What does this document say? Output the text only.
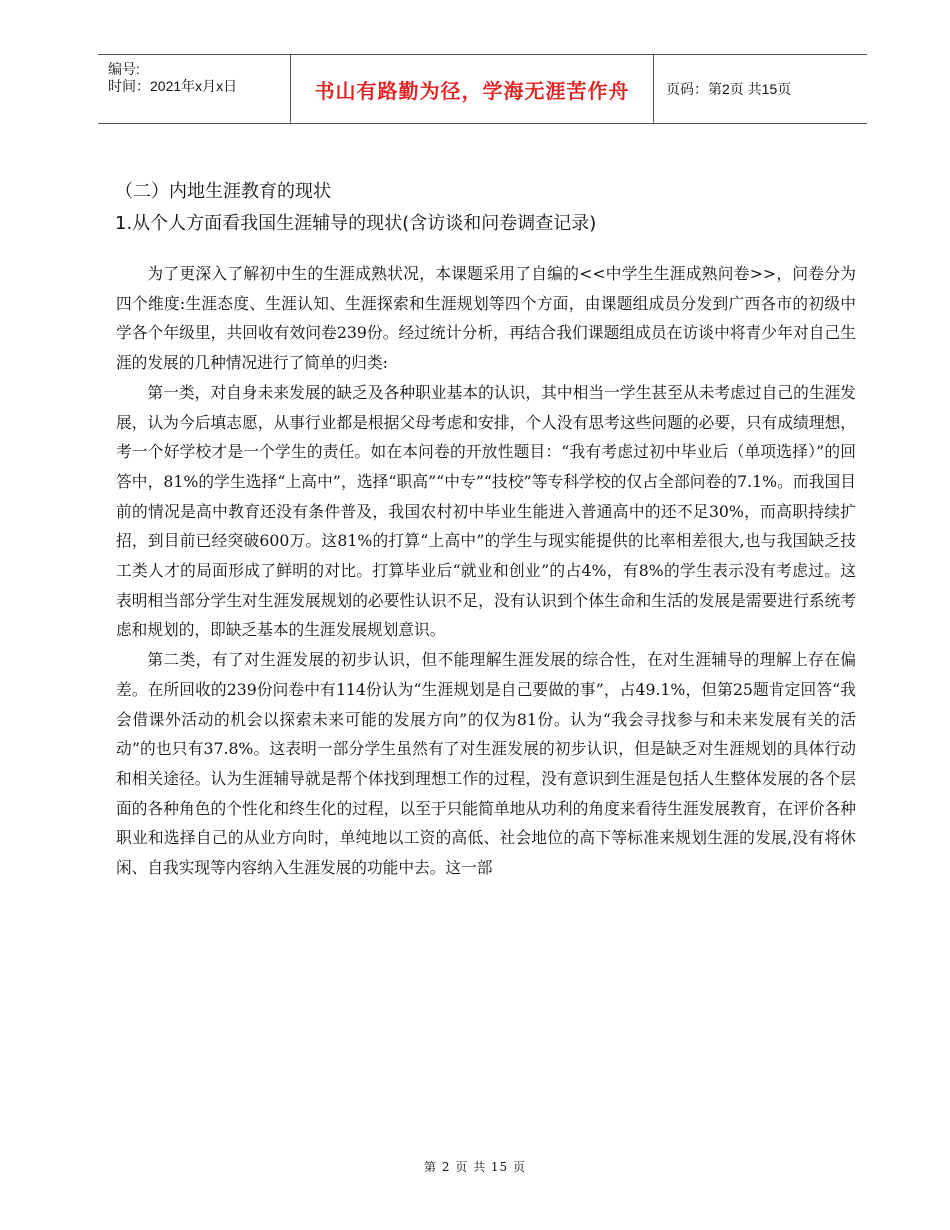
编号:
时间：2021年x月x日	书山有路勤为径，学海无涯苦作舟	页码：第2页 共15页
（二）内地生涯教育的现状
1.从个人方面看我国生涯辅导的现状(含访谈和问卷调查记录)

为了更深入了解初中生的生涯成熟状况，本课题采用了自编的<<中学生生涯成熟问卷>>，问卷分为四个维度:生涯态度、生涯认知、生涯探索和生涯规划等四个方面，由课题组成员分发到广西各市的初级中学各个年级里，共回收有效问卷239份。经过统计分析，再结合我们课题组成员在访谈中将青少年对自己生涯的发展的几种情况进行了简单的归类:

第一类，对自身未来发展的缺乏及各种职业基本的认识，其中相当一学生甚至从未考虑过自己的生涯发展，认为今后填志愿，从事行业都是根据父母考虑和安排，个人没有思考这些问题的必要，只有成绩理想，考一个好学校才是一个学生的责任。如在本问卷的开放性题目：“我有考虑过初中毕业后（单项选择）”的回答中，81%的学生选择“上高中”，选择“职高”“中专”“技校”等专科学校的仅占全部问卷的7.1%。而我国目前的情况是高中教育还没有条件普及，我国农村初中毕业生能进入普通高中的还不足30%，而高职持续扩招，到目前已经突破600万。这81%的打算“上高中”的学生与现实能提供的比率相差很大,也与我国缺乏技工类人才的局面形成了鲜明的对比。打算毕业后“就业和创业”的占4%，有8%的学生表示没有考虑过。这表明相当部分学生对生涯发展规划的必要性认识不足，没有认识到个体生命和生活的发展是需要进行系统考虑和规划的，即缺乏基本的生涯发展规划意识。

第二类，有了对生涯发展的初步认识，但不能理解生涯发展的综合性，在对生涯辅导的理解上存在偏差。在所回收的239份问卷中有114份认为“生涯规划是自己要做的事”，占49.1%，但第25题肯定回答“我会借课外活动的机会以探索未来可能的发展方向”的仅为81份。认为“我会寻找参与和未来发展有关的活动”的也只有37.8%。这表明一部分学生虽然有了对生涯发展的初步认识，但是缺乏对生涯规划的具体行动和相关途径。认为生涯辅导就是帮个体找到理想工作的过程，没有意识到生涯是包括人生整体发展的各个层面的各种角色的个性化和终生化的过程，以至于只能简单地从功利的角度来看待生涯发展教育，在评价各种职业和选择自己的从业方向时，单纯地以工资的高低、社会地位的高下等标准来规划生涯的发展,没有将休闲、自我实现等内容纳入生涯发展的功能中去。这一部

第 2 页 共 15 页
